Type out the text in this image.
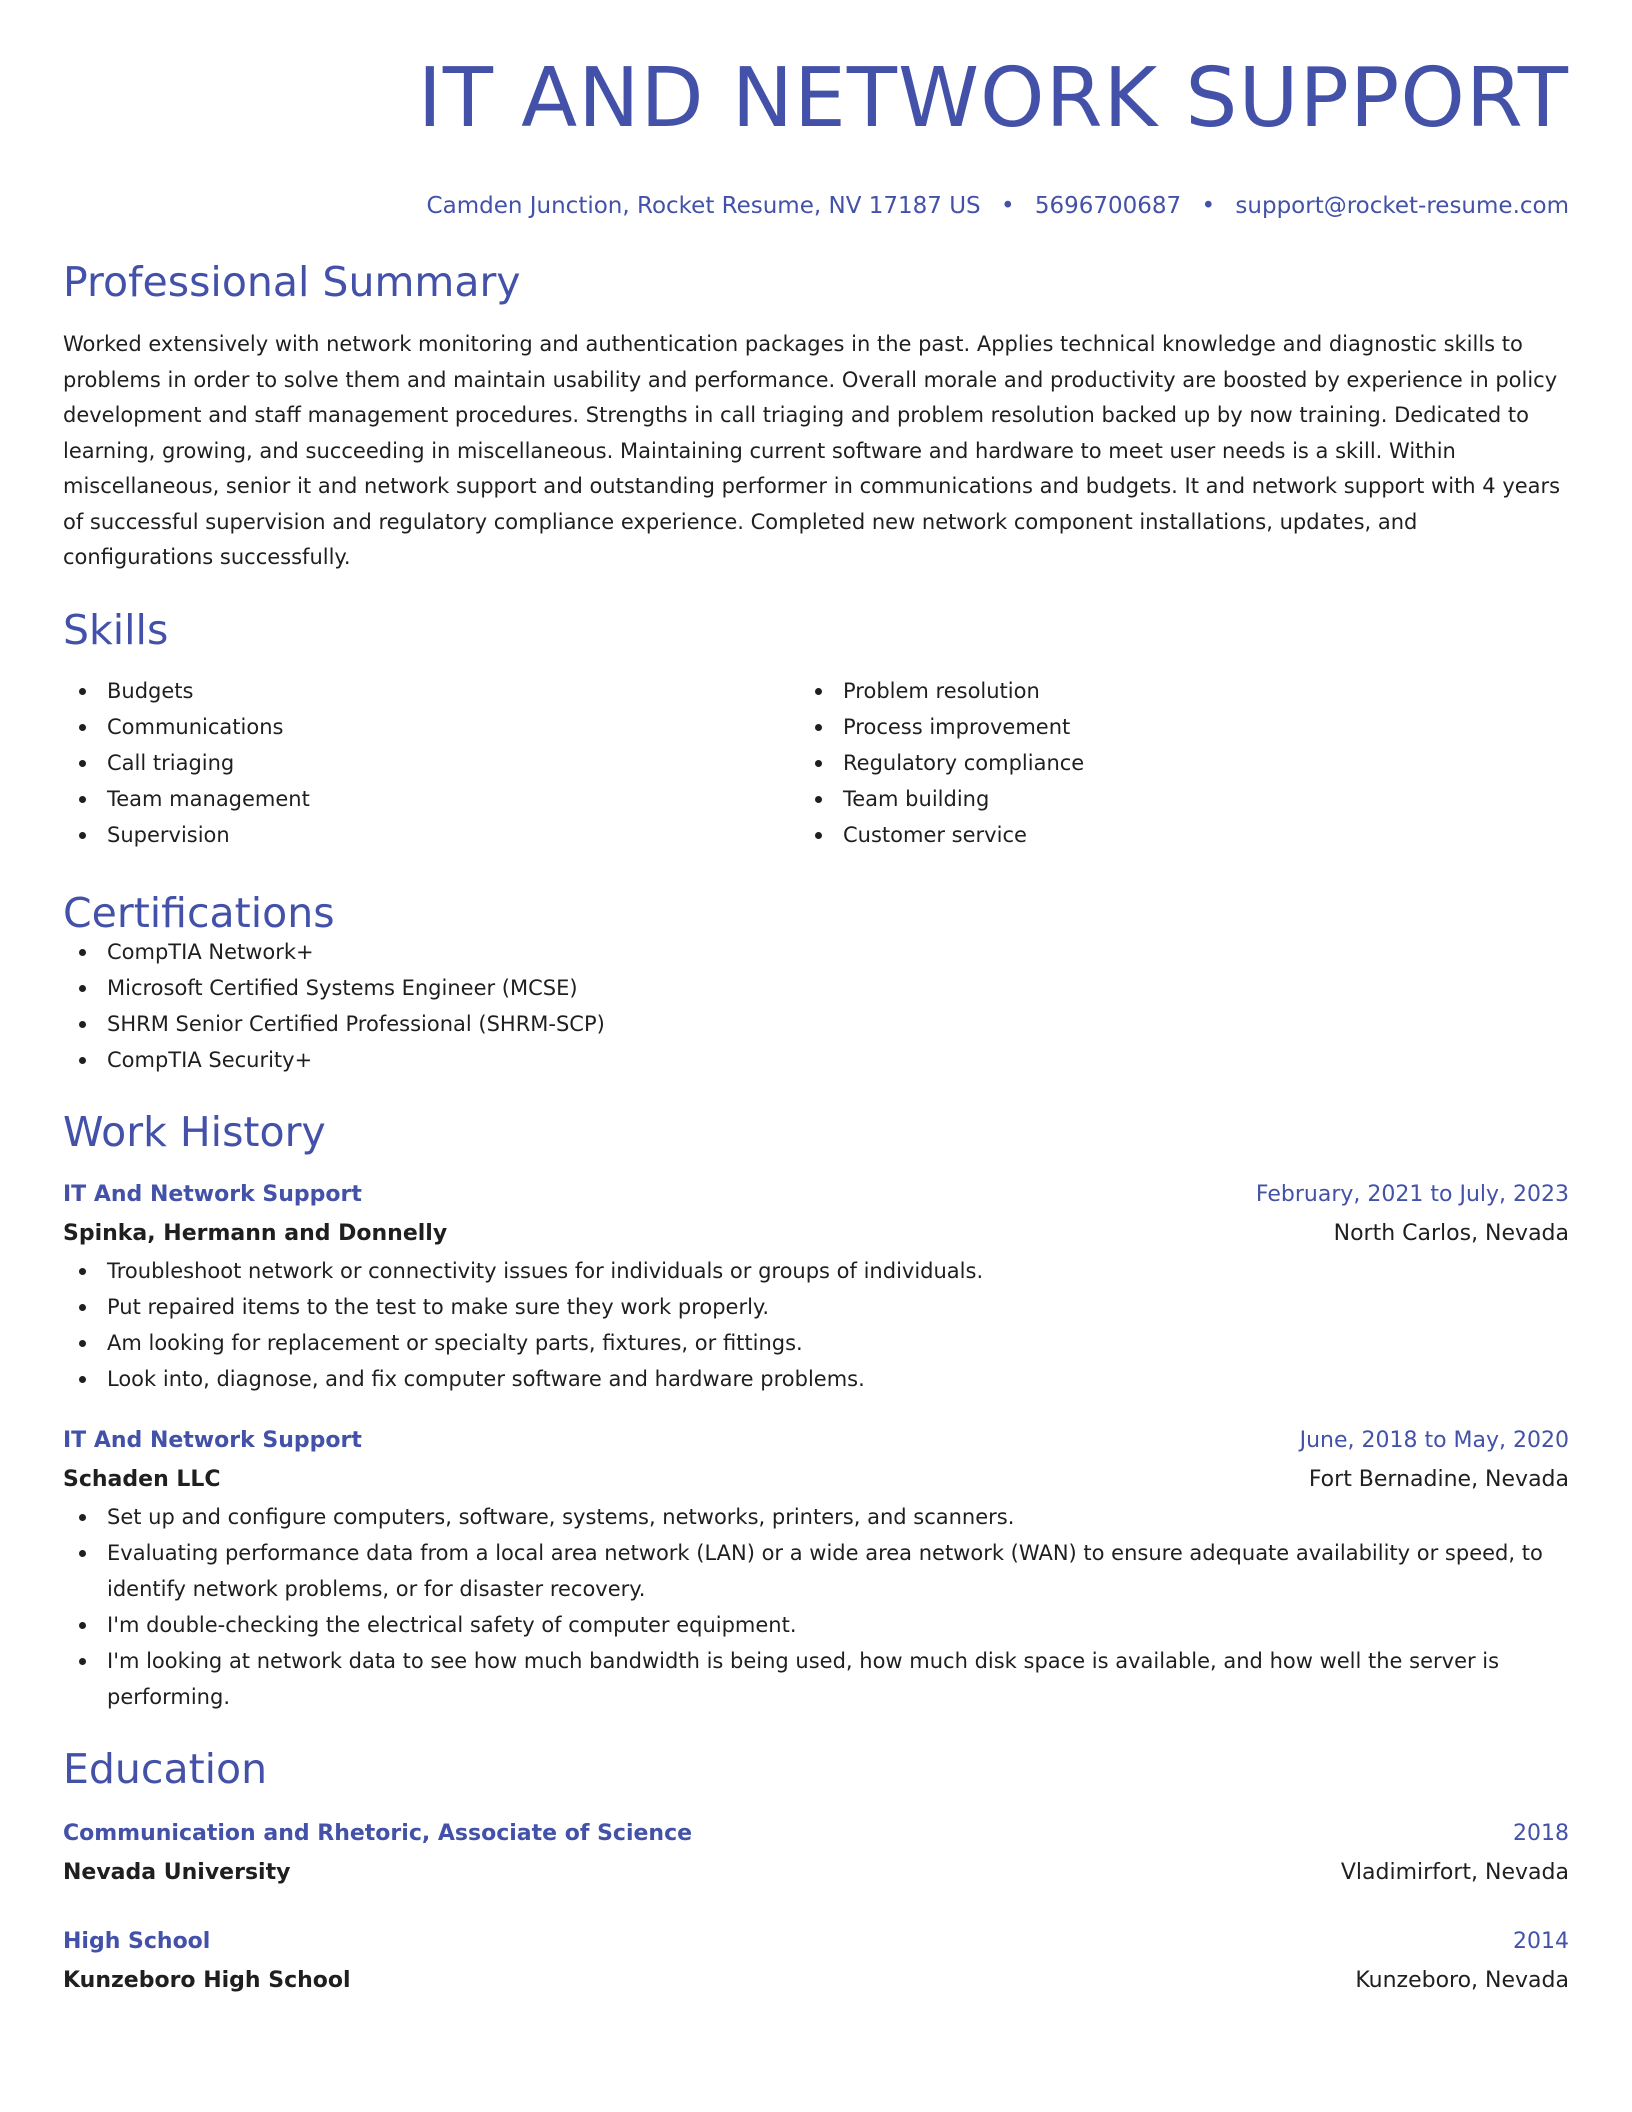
IT AND NETWORK SUPPORT
Camden Junction, Rocket Resume, NV 17187 US • 5696700687 • support@rocket-resume.com
Professional Summary
Worked extensively with network monitoring and authentication packages in the past. Applies technical knowledge and diagnostic skills to problems in order to solve them and maintain usability and performance. Overall morale and productivity are boosted by experience in policy development and staff management procedures. Strengths in call triaging and problem resolution backed up by now training. Dedicated to learning, growing, and succeeding in miscellaneous. Maintaining current software and hardware to meet user needs is a skill. Within miscellaneous, senior it and network support and outstanding performer in communications and budgets. It and network support with 4 years of successful supervision and regulatory compliance experience. Completed new network component installations, updates, and configurations successfully.
Skills
Budgets
Communications
Call triaging
Team management
Supervision
Problem resolution
Process improvement
Regulatory compliance
Team building
Customer service
Certifications
CompTIA Network+
Microsoft Certified Systems Engineer (MCSE)
SHRM Senior Certified Professional (SHRM-SCP)
CompTIA Security+
Work History
IT And Network Support	February, 2021 to July, 2023
Spinka, Hermann and Donnelly	North Carlos, Nevada
Troubleshoot network or connectivity issues for individuals or groups of individuals.
Put repaired items to the test to make sure they work properly.
Am looking for replacement or specialty parts, fixtures, or fittings.
Look into, diagnose, and fix computer software and hardware problems.
IT And Network Support	June, 2018 to May, 2020
Schaden LLC	Fort Bernadine, Nevada
Set up and configure computers, software, systems, networks, printers, and scanners.
Evaluating performance data from a local area network (LAN) or a wide area network (WAN) to ensure adequate availability or speed, to identify network problems, or for disaster recovery.
I'm double-checking the electrical safety of computer equipment.
I'm looking at network data to see how much bandwidth is being used, how much disk space is available, and how well the server is performing.
Education
Communication and Rhetoric, Associate of Science	2018
Nevada University	Vladimirfort, Nevada
High School	2014
Kunzeboro High School	Kunzeboro, Nevada
